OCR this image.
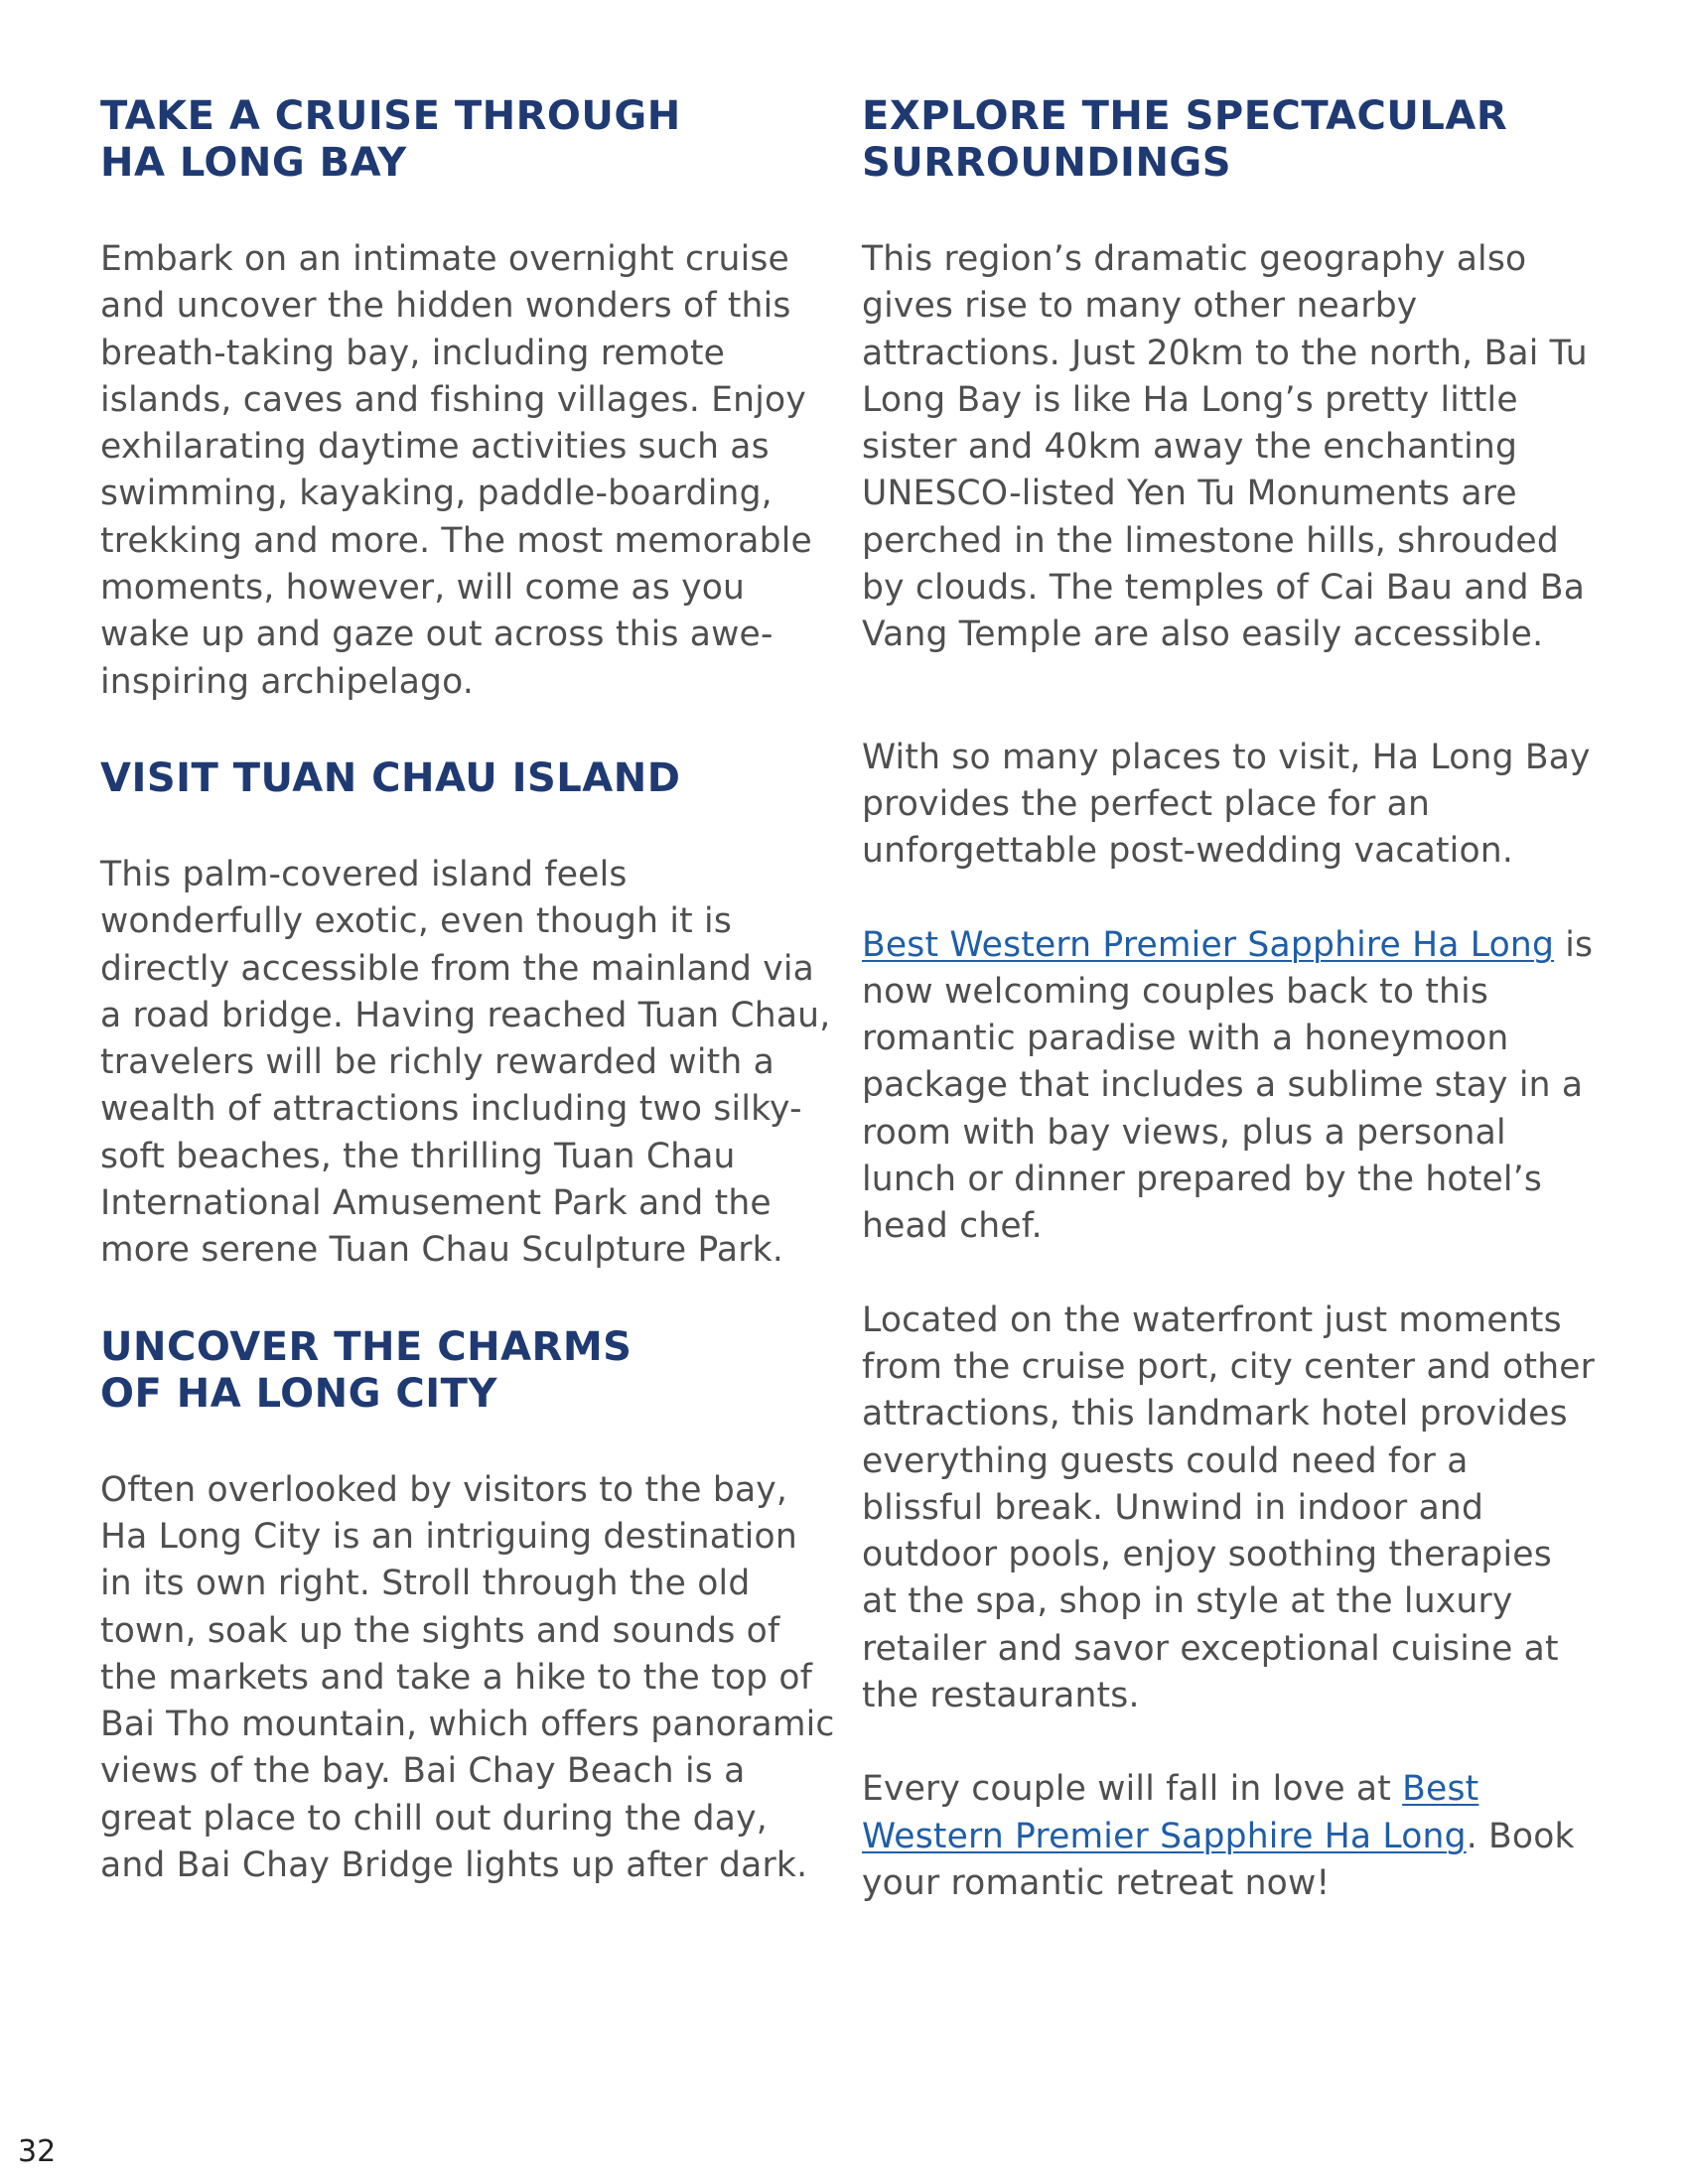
TAKE A CRUISE THROUGH
HA LONG BAY

Embark on an intimate overnight cruise and uncover the hidden wonders of this breath-taking bay, including remote islands, caves and fishing villages. Enjoy exhilarating daytime activities such as swimming, kayaking, paddle-boarding, trekking and more. The most memorable moments, however, will come as you wake up and gaze out across this awe-inspiring archipelago.

VISIT TUAN CHAU ISLAND

This palm-covered island feels wonderfully exotic, even though it is directly accessible from the mainland via a road bridge. Having reached Tuan Chau, travelers will be richly rewarded with a wealth of attractions including two silky-soft beaches, the thrilling Tuan Chau International Amusement Park and the more serene Tuan Chau Sculpture Park.

UNCOVER THE CHARMS
OF HA LONG CITY

Often overlooked by visitors to the bay, Ha Long City is an intriguing destination in its own right. Stroll through the old town, soak up the sights and sounds of the markets and take a hike to the top of Bai Tho mountain, which offers panoramic views of the bay. Bai Chay Beach is a great place to chill out during the day, and Bai Chay Bridge lights up after dark.

EXPLORE THE SPECTACULAR
SURROUNDINGS

This region’s dramatic geography also gives rise to many other nearby attractions. Just 20km to the north, Bai Tu Long Bay is like Ha Long’s pretty little sister and 40km away the enchanting UNESCO-listed Yen Tu Monuments are perched in the limestone hills, shrouded by clouds. The temples of Cai Bau and Ba Vang Temple are also easily accessible.

With so many places to visit, Ha Long Bay provides the perfect place for an unforgettable post-wedding vacation.

Best Western Premier Sapphire Ha Long is now welcoming couples back to this romantic paradise with a honeymoon package that includes a sublime stay in a room with bay views, plus a personal lunch or dinner prepared by the hotel’s head chef.

Located on the waterfront just moments from the cruise port, city center and other attractions, this landmark hotel provides everything guests could need for a blissful break. Unwind in indoor and outdoor pools, enjoy soothing therapies at the spa, shop in style at the luxury retailer and savor exceptional cuisine at the restaurants.

Every couple will fall in love at Best Western Premier Sapphire Ha Long. Book your romantic retreat now!

32
